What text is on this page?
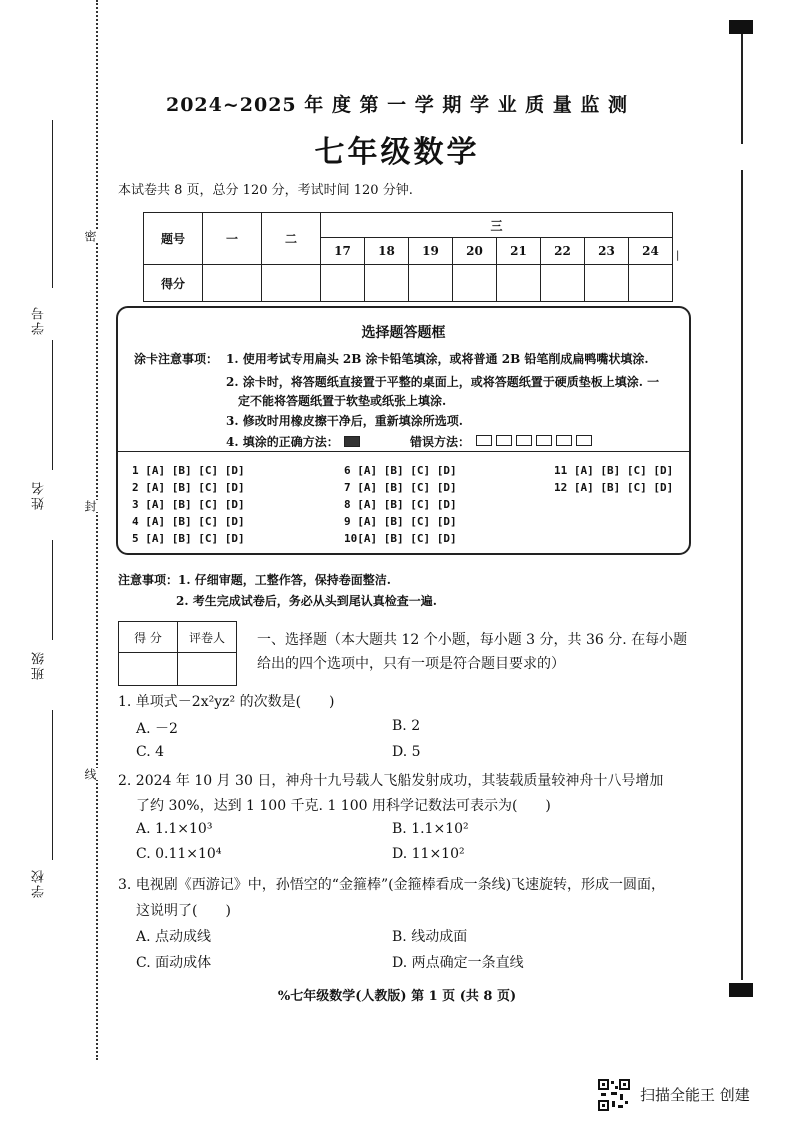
密
封
线
学号
姓名
班级
学校
|
2024~2025 年 度 第 一 学 期 学 业 质 量 监 测
七年级数学
本试卷共 8 页，总分 120 分，考试时间 120 分钟.
题号	一	二	三							
			17	18	19	20	21	22	23	24
得分										
选择题答题框
涂卡注意事项： 1. 使用考试专用扁头 2B 涂卡铅笔填涂，或将普通 2B 铅笔削成扁鸭嘴状填涂.
2. 涂卡时，将答题纸直接置于平整的桌面上，或将答题纸置于硬质垫板上填涂. 一
定不能将答题纸置于软垫或纸张上填涂.
3. 修改时用橡皮擦干净后，重新填涂所选项.
4. 填涂的正确方法：	错误方法：
1 [A] [B] [C] [D]
2 [A] [B] [C] [D]
3 [A] [B] [C] [D]
4 [A] [B] [C] [D]
5 [A] [B] [C] [D]
6 [A] [B] [C] [D]
7 [A] [B] [C] [D]
8 [A] [B] [C] [D]
9 [A] [B] [C] [D]
10[A] [B] [C] [D]
11 [A] [B] [C] [D]
12 [A] [B] [C] [D]
注意事项：1. 仔细审题，工整作答，保持卷面整洁.
2. 考生完成试卷后，务必从头到尾认真检查一遍.
得 分	评卷人
	一、选择题（本大题共 12 个小题，每小题 3 分，共 36 分. 在每小题给出的四个选项中，只有一项是符合题目要求的）
1. 单项式－2x²yz² 的次数是(　　)
A. －2	B. 2
C. 4	D. 5
2. 2024 年 10 月 30 日，神舟十九号载人飞船发射成功，其装载质量较神舟十八号增加
了约 30%，达到 1 100 千克. 1 100 用科学记数法可表示为(　　)
A. 1.1×10³	B. 1.1×10²
C. 0.11×10⁴	D. 11×10²
3. 电视剧《西游记》中，孙悟空的“金箍棒”(金箍棒看成一条线)飞速旋转，形成一圆面，
这说明了(　　)
A. 点动成线	B. 线动成面
C. 面动成体	D. 两点确定一条直线
%七年级数学(人教版) 第 1 页 (共 8 页)
扫描全能王 创建
